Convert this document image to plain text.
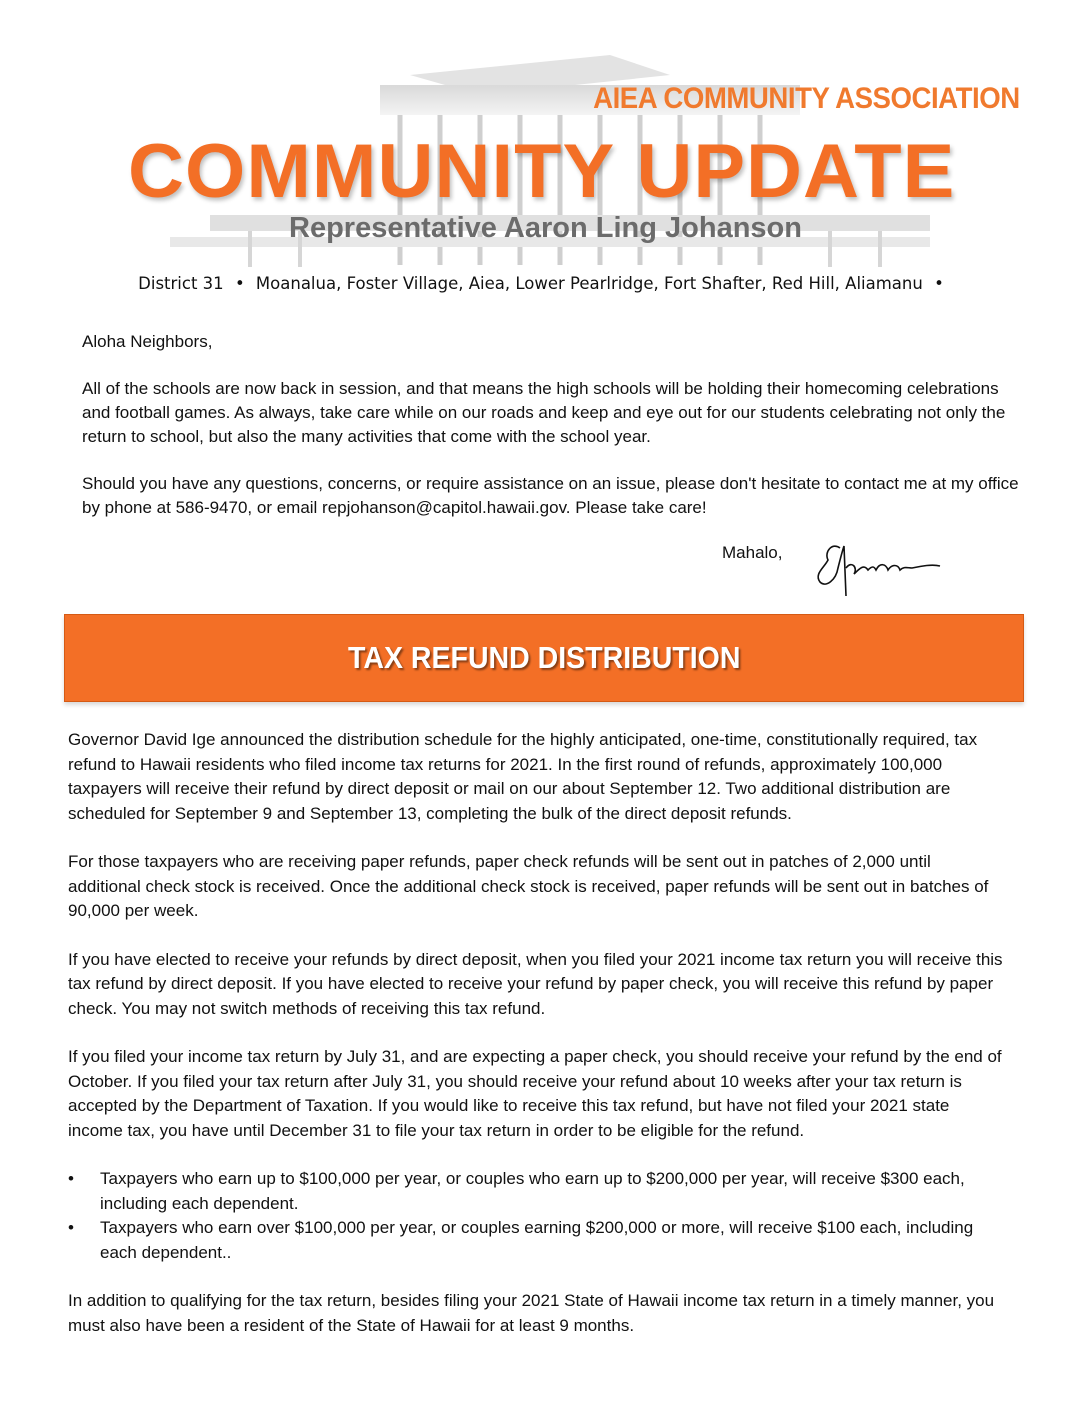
AIEA COMMUNITY ASSOCIATION
COMMUNITY UPDATE
Representative Aaron Ling Johanson
District 31 • Moanalua, Foster Village, Aiea, Lower Pearlridge, Fort Shafter, Red Hill, Aliamanu •

Aloha Neighbors,

All of the schools are now back in session, and that means the high schools will be holding their homecoming celebrations and football games. As always, take care while on our roads and keep and eye out for our students celebrating not only the return to school, but also the many activities that come with the school year.

Should you have any questions, concerns, or require assistance on an issue, please don't hesitate to contact me at my office by phone at 586-9470, or email repjohanson@capitol.hawaii.gov. Please take care!

Mahalo,
Aaron
TAX REFUND DISTRIBUTION

Governor David Ige announced the distribution schedule for the highly anticipated, one-time, constitutionally required, tax refund to Hawaii residents who filed income tax returns for 2021. In the first round of refunds, approximately 100,000 taxpayers will receive their refund by direct deposit or mail on our about September 12. Two additional distribution are scheduled for September 9 and September 13, completing the bulk of the direct deposit refunds.

For those taxpayers who are receiving paper refunds, paper check refunds will be sent out in patches of 2,000 until additional check stock is received. Once the additional check stock is received, paper refunds will be sent out in batches of 90,000 per week.

If you have elected to receive your refunds by direct deposit, when you filed your 2021 income tax return you will receive this tax refund by direct deposit. If you have elected to receive your refund by paper check, you will receive this refund by paper check. You may not switch methods of receiving this tax refund.

If you filed your income tax return by July 31, and are expecting a paper check, you should receive your refund by the end of October. If you filed your tax return after July 31, you should receive your refund about 10 weeks after your tax return is accepted by the Department of Taxation. If you would like to receive this tax refund, but have not filed your 2021 state income tax, you have until December 31 to file your tax return in order to be eligible for the refund.

• Taxpayers who earn up to $100,000 per year, or couples who earn up to $200,000 per year, will receive $300 each, including each dependent.
• Taxpayers who earn over $100,000 per year, or couples earning $200,000 or more, will receive $100 each, including each dependent..

In addition to qualifying for the tax return, besides filing your 2021 State of Hawaii income tax return in a timely manner, you must also have been a resident of the State of Hawaii for at least 9 months.
